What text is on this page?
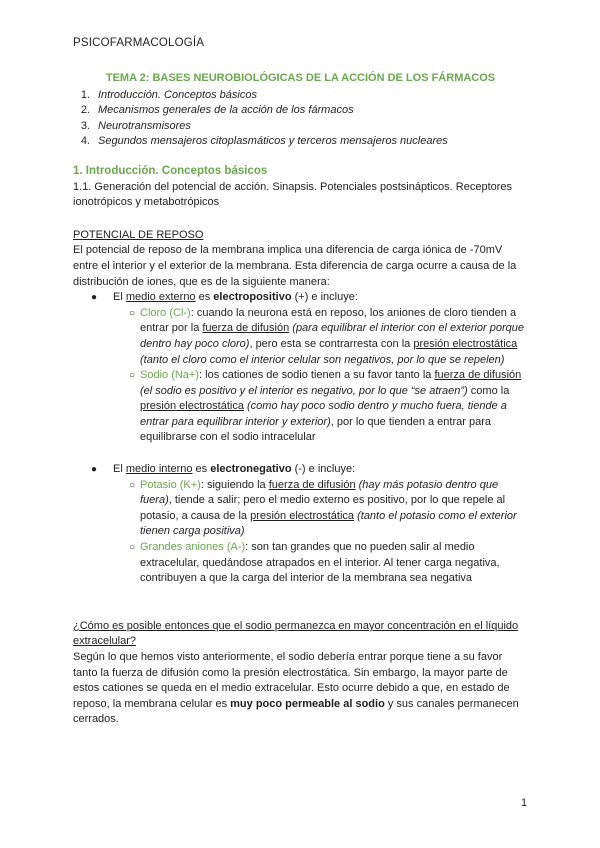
PSICOFARMACOLOGÍA
TEMA 2: BASES NEUROBIOLÓGICAS DE LA ACCIÓN DE LOS FÁRMACOS
1. Introducción. Conceptos básicos
2. Mecanismos generales de la acción de los fármacos
3. Neurotransmisores
4. Segundos mensajeros citoplasmáticos y terceros mensajeros nucleares
1. Introducción. Conceptos básicos
1.1. Generación del potencial de acción. Sinapsis. Potenciales postsinápticos. Receptores ionotrópicos y metabotrópicos
POTENCIAL DE REPOSO
El potencial de reposo de la membrana implica una diferencia de carga iónica de -70mV entre el interior y el exterior de la membrana. Esta diferencia de carga ocurre a causa de la distribución de iones, que es de la siguiente manera:
● El medio externo es electropositivo (+) e incluye:
○ Cloro (Cl-): cuando la neurona está en reposo, los aniones de cloro tienden a entrar por la fuerza de difusión (para equilibrar el interior con el exterior porque dentro hay poco cloro), pero esta se contrarresta con la presión electrostática (tanto el cloro como el interior celular son negativos, por lo que se repelen)
○ Sodio (Na+): los cationes de sodio tienen a su favor tanto la fuerza de difusión (el sodio es positivo y el interior es negativo, por lo que “se atraen”) como la presión electrostática (como hay poco sodio dentro y mucho fuera, tiende a entrar para equilibrar interior y exterior), por lo que tienden a entrar para equilibrarse con el sodio intracelular
● El medio interno es electronegativo (-) e incluye:
○ Potasio (K+): siguiendo la fuerza de difusión (hay más potasio dentro que fuera), tiende a salir; pero el medio externo es positivo, por lo que repele al potasio, a causa de la presión electrostática (tanto el potasio como el exterior tienen carga positiva)
○ Grandes aniones (A-): son tan grandes que no pueden salir al medio extracelular, quedándose atrapados en el interior. Al tener carga negativa, contribuyen a que la carga del interior de la membrana sea negativa
¿Cómo es posible entonces que el sodio permanezca en mayor concentración en el líquido extracelular?
Según lo que hemos visto anteriormente, el sodio debería entrar porque tiene a su favor tanto la fuerza de difusión como la presión electrostática. Sin embargo, la mayor parte de estos cationes se queda en el medio extracelular. Esto ocurre debido a que, en estado de reposo, la membrana celular es muy poco permeable al sodio y sus canales permanecen cerrados.
1
